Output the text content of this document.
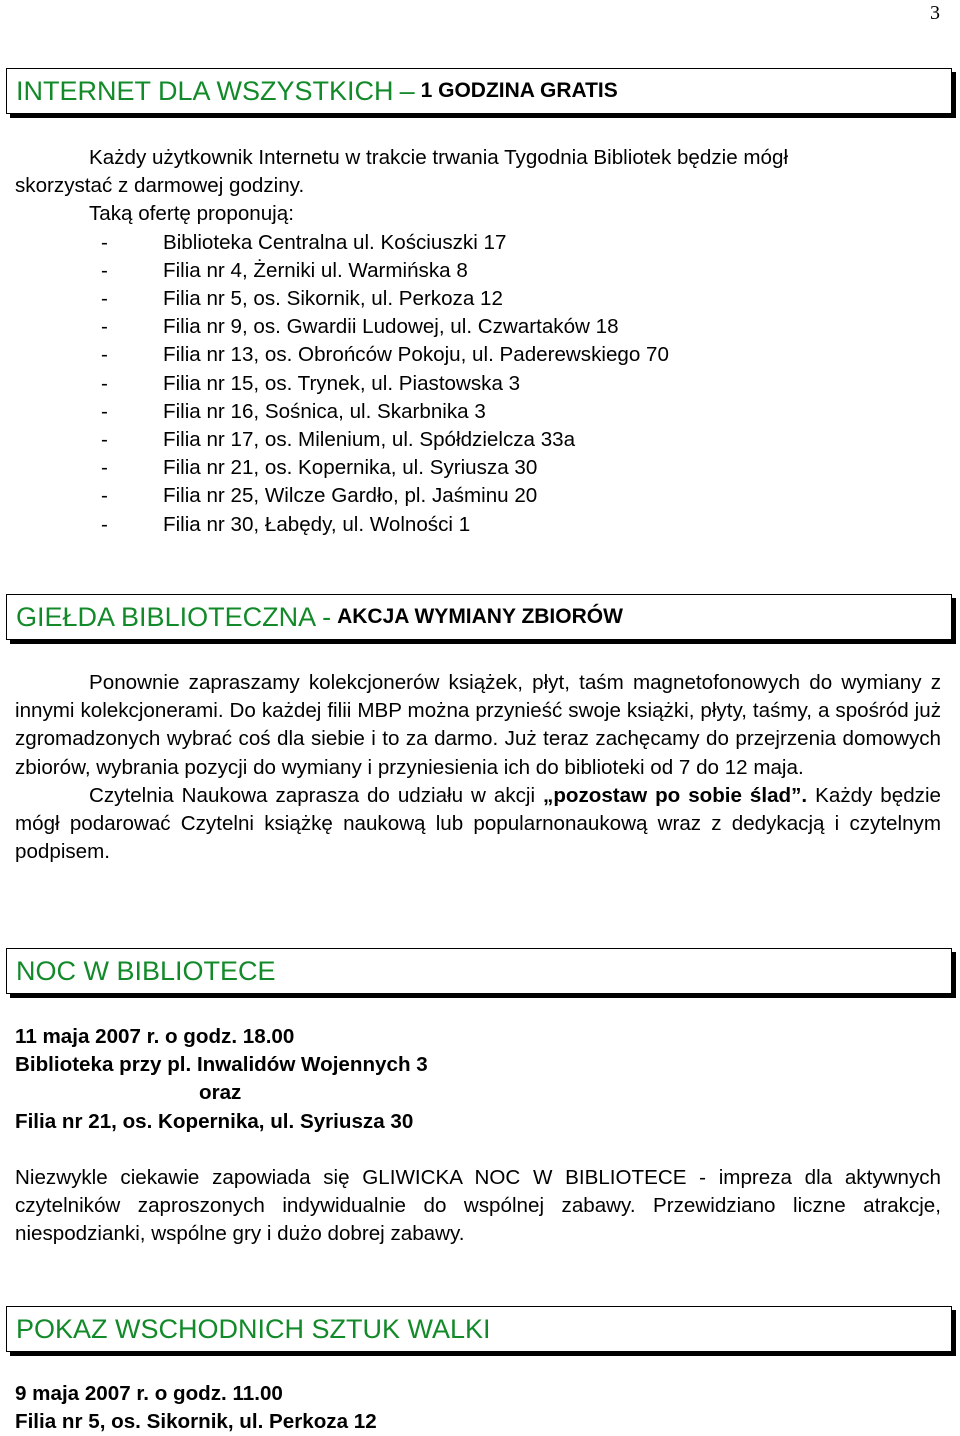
3
INTERNET DLA WSZYSTKICH – 1 GODZINA GRATIS
Każdy użytkownik Internetu w trakcie trwania Tygodnia Bibliotek będzie mógł
skorzystać z darmowej godziny.
Taką ofertę proponują:
-	Biblioteka Centralna ul. Kościuszki 17
-	Filia nr 4, Żerniki ul. Warmińska 8
-	Filia nr 5, os. Sikornik, ul. Perkoza 12
-	Filia nr 9, os. Gwardii Ludowej, ul. Czwartaków 18
-	Filia nr 13, os. Obrońców Pokoju, ul. Paderewskiego 70
-	Filia nr 15, os. Trynek, ul. Piastowska 3
-	Filia nr 16, Sośnica, ul. Skarbnika 3
-	Filia nr 17, os. Milenium, ul. Spółdzielcza 33a
-	Filia nr 21, os. Kopernika, ul. Syriusza 30
-	Filia nr 25, Wilcze Gardło, pl. Jaśminu 20
-	Filia nr 30, Łabędy, ul. Wolności 1
GIEŁDA BIBLIOTECZNA - AKCJA WYMIANY ZBIORÓW
Ponownie zapraszamy kolekcjonerów książek, płyt, taśm magnetofonowych do wymiany z innymi kolekcjonerami. Do każdej filii MBP można przynieść swoje książki, płyty, taśmy, a spośród już zgromadzonych wybrać coś dla siebie i to za darmo. Już teraz zachęcamy do przejrzenia domowych zbiorów, wybrania pozycji do wymiany i przyniesienia ich do biblioteki od 7 do 12 maja.
Czytelnia Naukowa zaprasza do udziału w akcji „pozostaw po sobie ślad”. Każdy będzie mógł podarować Czytelni książkę naukową lub popularnonaukową wraz z dedykacją i czytelnym podpisem.
NOC W BIBLIOTECE
11 maja 2007 r. o godz. 18.00
Biblioteka przy pl. Inwalidów Wojennych 3
oraz
Filia nr 21, os. Kopernika, ul. Syriusza 30
Niezwykle ciekawie zapowiada się GLIWICKA NOC W BIBLIOTECE - impreza dla aktywnych czytelników zaproszonych indywidualnie do wspólnej zabawy. Przewidziano liczne atrakcje, niespodzianki, wspólne gry i dużo dobrej zabawy.
POKAZ WSCHODNICH SZTUK WALKI
9 maja 2007 r. o godz. 11.00
Filia nr 5, os. Sikornik, ul. Perkoza 12
